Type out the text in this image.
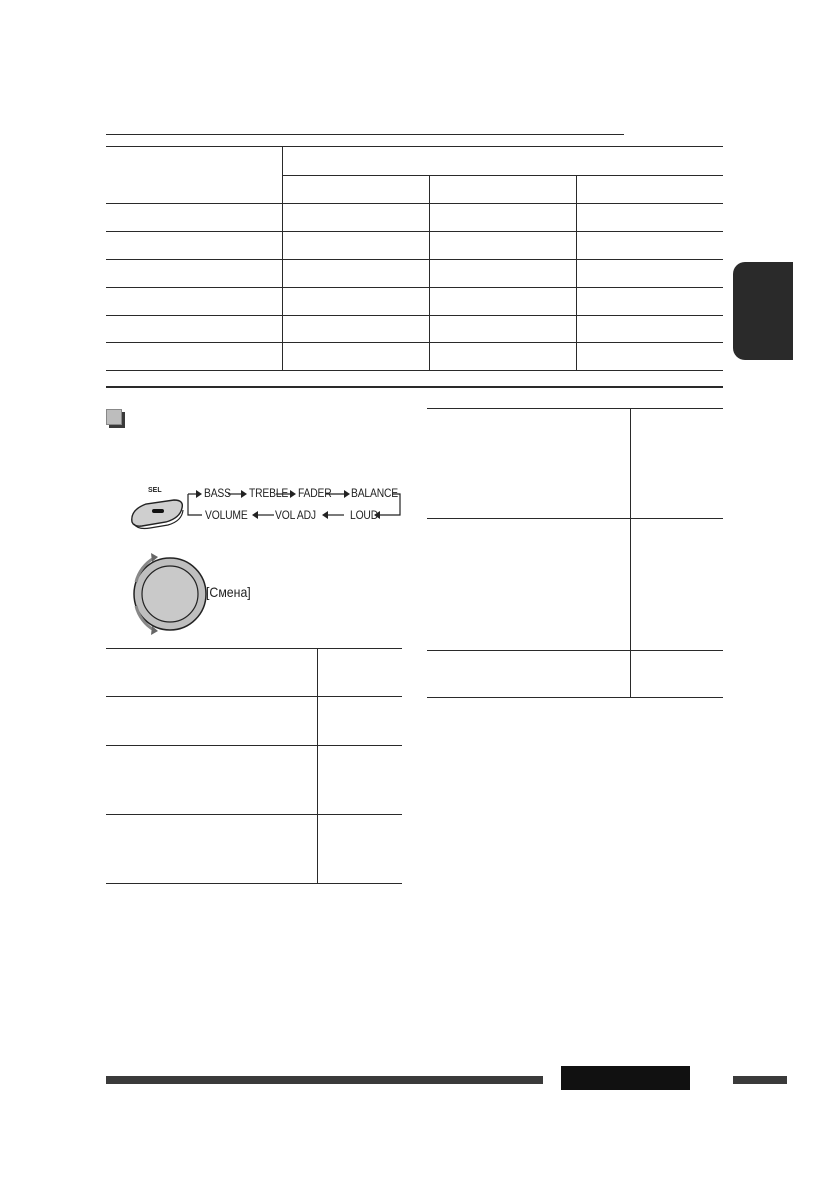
SEL	BASS TREBLE FADER BALANCE
VOLUME VOL ADJ	LOUD
[Смена]
